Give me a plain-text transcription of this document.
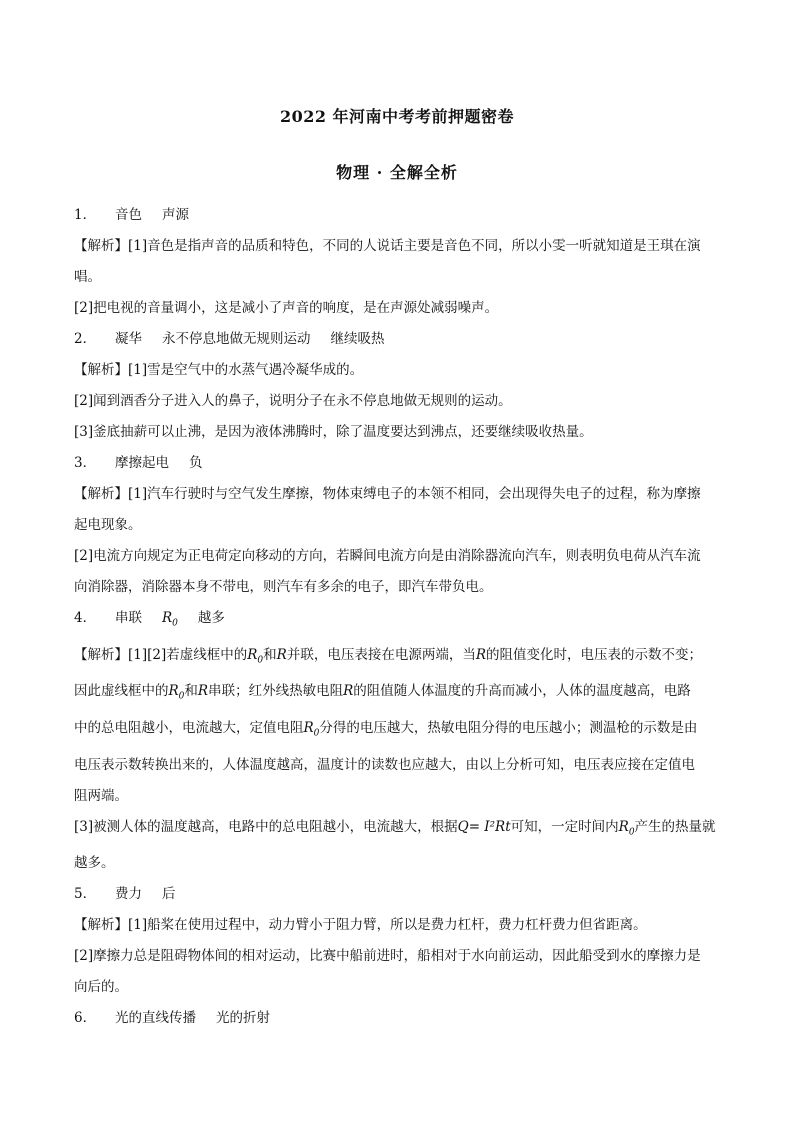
2022 年河南中考考前押题密卷
物理 · 全解全析
1． 音色 声源
【解析】[1]音色是指声音的品质和特色，不同的人说话主要是音色不同，所以小雯一听就知道是王琪在演
唱。
[2]把电视的音量调小，这是减小了声音的响度，是在声源处减弱噪声。
2． 凝华 永不停息地做无规则运动 继续吸热
【解析】[1]雪是空气中的水蒸气遇冷凝华成的。
[2]闻到酒香分子进入人的鼻子，说明分子在永不停息地做无规则的运动。
[3]釜底抽薪可以止沸，是因为液体沸腾时，除了温度要达到沸点，还要继续吸收热量。
3． 摩擦起电 负
【解析】[1]汽车行驶时与空气发生摩擦，物体束缚电子的本领不相同，会出现得失电子的过程，称为摩擦
起电现象。
[2]电流方向规定为正电荷定向移动的方向，若瞬间电流方向是由消除器流向汽车，则表明负电荷从汽车流
向消除器，消除器本身不带电，则汽车有多余的电子，即汽车带负电。
4． 串联 $R_0$ 越多
【解析】[1][2]若虚线框中的$R_0$和R并联，电压表接在电源两端，当R的阻值变化时，电压表的示数不变；
因此虚线框中的$R_0$和R串联；红外线热敏电阻R的阻值随人体温度的升高而减小，人体的温度越高，电路
中的总电阻越小，电流越大，定值电阻$R_0$分得的电压越大，热敏电阻分得的电压越小；测温枪的示数是由
电压表示数转换出来的，人体温度越高，温度计的读数也应越大，由以上分析可知，电压表应接在定值电
阻两端。
[3]被测人体的温度越高，电路中的总电阻越小，电流越大，根据Q= I²Rt可知，一定时间内$R_0$产生的热量就
越多。
5． 费力 后
【解析】[1]船桨在使用过程中，动力臂小于阻力臂，所以是费力杠杆，费力杠杆费力但省距离。
[2]摩擦力总是阻碍物体间的相对运动，比赛中船前进时，船相对于水向前运动，因此船受到水的摩擦力是
向后的。
6． 光的直线传播 光的折射
